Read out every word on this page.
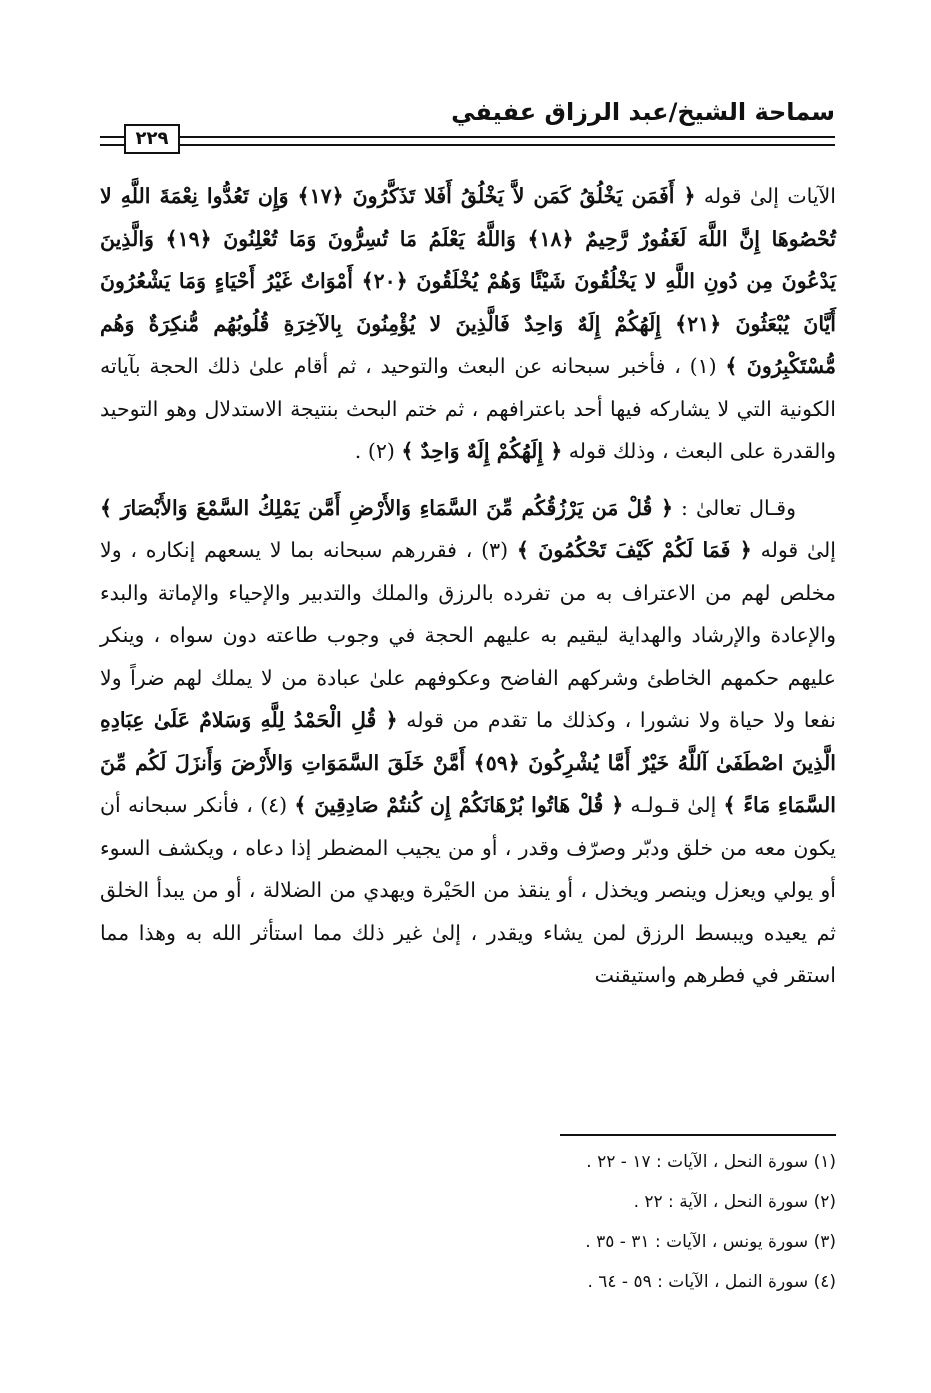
سماحة الشيخ/عبد الرزاق عفيفي
٢٢٩

الآيات إلىٰ قوله ﴿ أَفَمَن يَخْلُقُ كَمَن لاَّ يَخْلُقُ أَفَلا تَذَكَّرُونَ ﴿١٧﴾ وَإِن تَعُدُّوا نِعْمَةَ اللَّهِ لا تُحْصُوهَا إِنَّ اللَّهَ لَغَفُورٌ رَّحِيمٌ ﴿١٨﴾ وَاللَّهُ يَعْلَمُ مَا تُسِرُّونَ وَمَا تُعْلِنُونَ ﴿١٩﴾ وَالَّذِينَ يَدْعُونَ مِن دُونِ اللَّهِ لا يَخْلُقُونَ شَيْئًا وَهُمْ يُخْلَقُونَ ﴿٢٠﴾ أَمْوَاتٌ غَيْرُ أَحْيَاءٍ وَمَا يَشْعُرُونَ أَيَّانَ يُبْعَثُونَ ﴿٢١﴾ إِلَهُكُمْ إِلَهٌ وَاحِدٌ فَالَّذِينَ لا يُؤْمِنُونَ بِالآخِرَةِ قُلُوبُهُم مُّنكِرَةٌ وَهُم مُّسْتَكْبِرُونَ ﴾ (١) ، فأخبر سبحانه عن البعث والتوحيد ، ثم أقام علىٰ ذلك الحجة بآياته الكونية التي لا يشاركه فيها أحد باعترافهم ، ثم ختم البحث بنتيجة الاستدلال وهو التوحيد والقدرة على البعث ، وذلك قوله ﴿ إِلَهُكُمْ إِلَهٌ وَاحِدٌ ﴾ (٢) .

وقـال تعالىٰ : ﴿ قُلْ مَن يَرْزُقُكُم مِّنَ السَّمَاءِ وَالأَرْضِ أَمَّن يَمْلِكُ السَّمْعَ وَالأَبْصَارَ ﴾ إلىٰ قوله ﴿ فَمَا لَكُمْ كَيْفَ تَحْكُمُونَ ﴾ (٣) ، فقررهم سبحانه بما لا يسعهم إنكاره ، ولا مخلص لهم من الاعتراف به من تفرده بالرزق والملك والتدبير والإحياء والإماتة والبدء والإعادة والإرشاد والهداية ليقيم به عليهم الحجة في وجوب طاعته دون سواه ، وينكر عليهم حكمهم الخاطئ وشركهم الفاضح وعكوفهم علىٰ عبادة من لا يملك لهم ضراً ولا نفعا ولا حياة ولا نشورا ، وكذلك ما تقدم من قوله ﴿ قُلِ الْحَمْدُ لِلَّهِ وَسَلامٌ عَلَىٰ عِبَادِهِ الَّذِينَ اصْطَفَىٰ آللَّهُ خَيْرٌ أَمَّا يُشْرِكُونَ ﴿٥٩﴾ أَمَّنْ خَلَقَ السَّمَوَاتِ وَالأَرْضَ وَأَنزَلَ لَكُم مِّنَ السَّمَاءِ مَاءً ﴾ إلىٰ قـولـه ﴿ قُلْ هَاتُوا بُرْهَانَكُمْ إِن كُنتُمْ صَادِقِينَ ﴾ (٤) ، فأنكر سبحانه أن يكون معه من خلق ودبّر وصرّف وقدر ، أو من يجيب المضطر إذا دعاه ، ويكشف السوء أو يولي ويعزل وينصر ويخذل ، أو ينقذ من الحَيْرة ويهدي من الضلالة ، أو من يبدأ الخلق ثم يعيده ويبسط الرزق لمن يشاء ويقدر ، إلىٰ غير ذلك مما استأثر الله به وهذا مما استقر في فطرهم واستيقنت

(١) سورة النحل ، الآيات : ١٧ - ٢٢ .
(٢) سورة النحل ، الآية : ٢٢ .
(٣) سورة يونس ، الآيات : ٣١ - ٣٥ .
(٤) سورة النمل ، الآيات : ٥٩ - ٦٤ .
